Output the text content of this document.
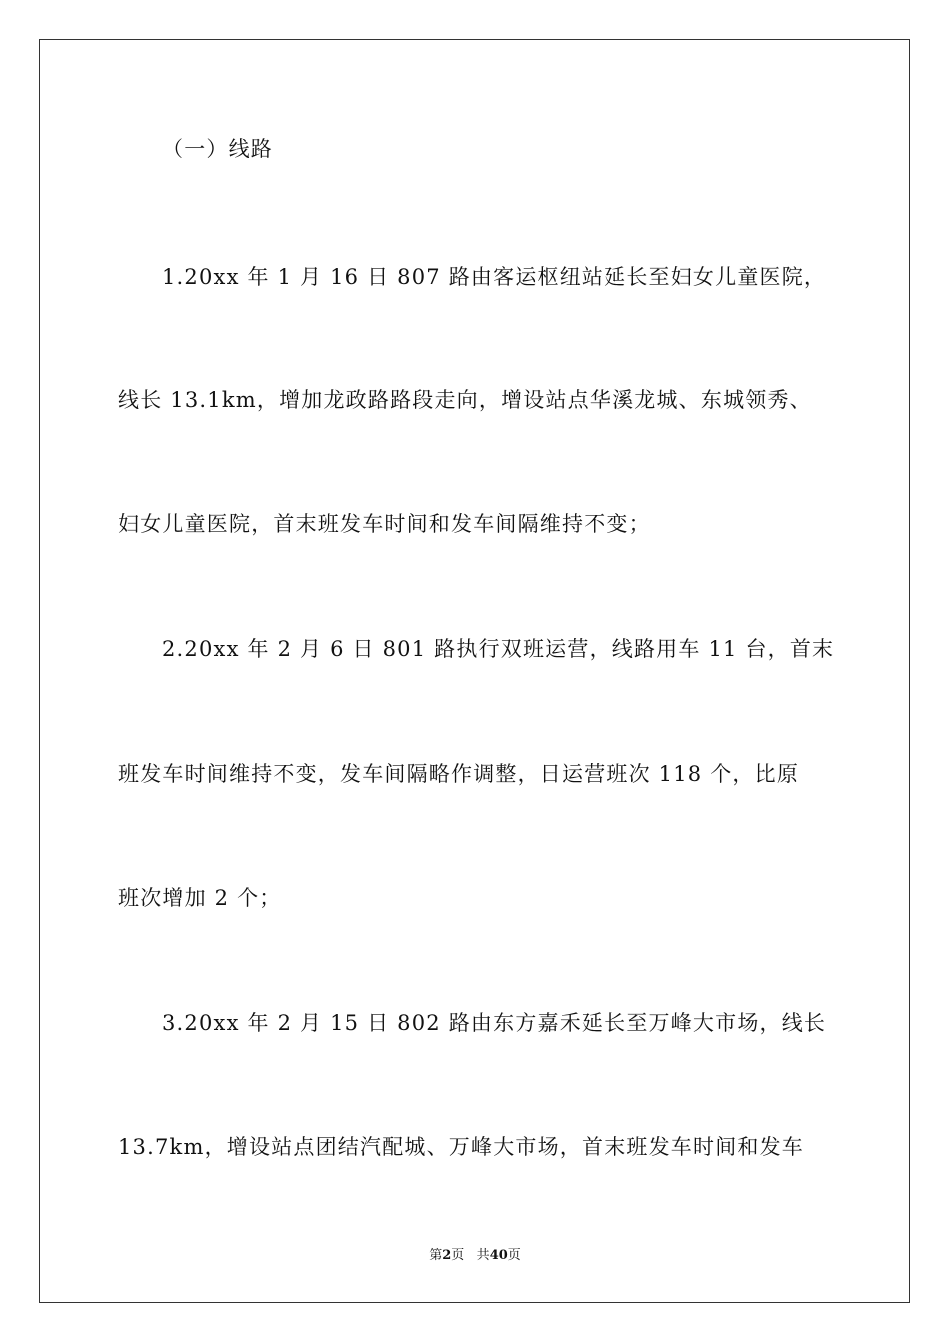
（一）线路
1.20xx 年 1 月 16 日 807 路由客运枢纽站延长至妇女儿童医院，
线长 13.1km，增加龙政路路段走向，增设站点华溪龙城、东城领秀、
妇女儿童医院，首末班发车时间和发车间隔维持不变；
2.20xx 年 2 月 6 日 801 路执行双班运营，线路用车 11 台，首末
班发车时间维持不变，发车间隔略作调整，日运营班次 118 个，比原
班次增加 2 个；
3.20xx 年 2 月 15 日 802 路由东方嘉禾延长至万峰大市场，线长
13.7km，增设站点团结汽配城、万峰大市场，首末班发车时间和发车
第2页 共40页
